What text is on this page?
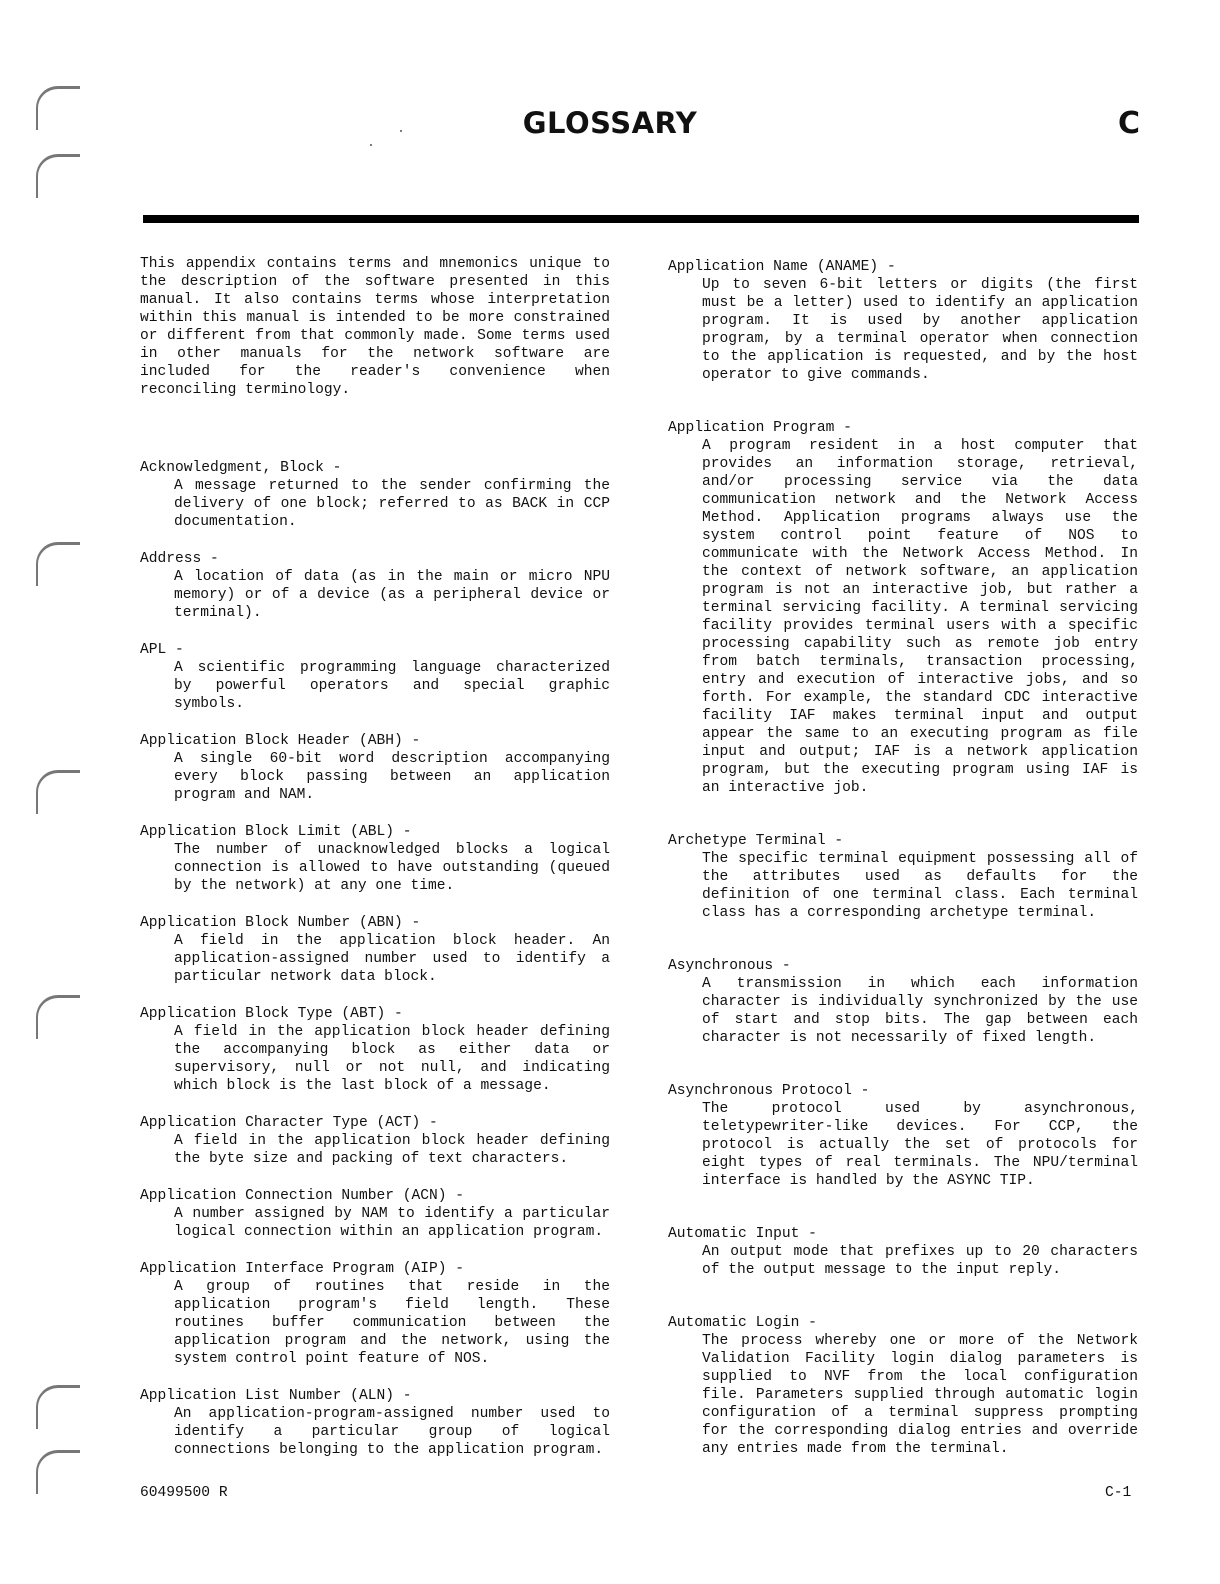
GLOSSARY	C

This appendix contains terms and mnemonics unique to the description of the software presented in this manual. It also contains terms whose interpretation within this manual is intended to be more constrained or different from that commonly made. Some terms used in other manuals for the network software are included for the reader's convenience when reconciling terminology.

Acknowledgment, Block -

A message returned to the sender confirming the delivery of one block; referred to as BACK in CCP documentation.

Address -

A location of data (as in the main or micro NPU memory) or of a device (as a peripheral device or terminal).

APL -

A scientific programming language characterized by powerful operators and special graphic symbols.

Application Block Header (ABH) -

A single 60-bit word description accompanying every block passing between an application program and NAM.

Application Block Limit (ABL) -

The number of unacknowledged blocks a logical connection is allowed to have outstanding (queued by the network) at any one time.

Application Block Number (ABN) -

A field in the application block header. An application-assigned number used to identify a particular network data block.

Application Block Type (ABT) -

A field in the application block header defining the accompanying block as either data or supervisory, null or not null, and indicating which block is the last block of a message.

Application Character Type (ACT) -

A field in the application block header defining the byte size and packing of text characters.

Application Connection Number (ACN) -

A number assigned by NAM to identify a particular logical connection within an application program.

Application Interface Program (AIP) -

A group of routines that reside in the application program's field length. These routines buffer communication between the application program and the network, using the system control point feature of NOS.

Application List Number (ALN) -

An application-program-assigned number used to identify a particular group of logical connections belonging to the application program.

Application Name (ANAME) -

Up to seven 6-bit letters or digits (the first must be a letter) used to identify an application program. It is used by another application program, by a terminal operator when connection to the application is requested, and by the host operator to give commands.

Application Program -

A program resident in a host computer that provides an information storage, retrieval, and/or processing service via the data communication network and the Network Access Method. Application programs always use the system control point feature of NOS to communicate with the Network Access Method. In the context of network software, an application program is not an interactive job, but rather a terminal servicing facility. A terminal servicing facility provides terminal users with a specific processing capability such as remote job entry from batch terminals, transaction processing, entry and execution of interactive jobs, and so forth. For example, the standard CDC interactive facility IAF makes terminal input and output appear the same to an executing program as file input and output; IAF is a network application program, but the executing program using IAF is an interactive job.

Archetype Terminal -

The specific terminal equipment possessing all of the attributes used as defaults for the definition of one terminal class. Each terminal class has a corresponding archetype terminal.

Asynchronous -

A transmission in which each information character is individually synchronized by the use of start and stop bits. The gap between each character is not necessarily of fixed length.

Asynchronous Protocol -

The protocol used by asynchronous, teletypewriter-like devices. For CCP, the protocol is actually the set of protocols for eight types of real terminals. The NPU/terminal interface is handled by the ASYNC TIP.

Automatic Input -

An output mode that prefixes up to 20 characters of the output message to the input reply.

Automatic Login -

The process whereby one or more of the Network Validation Facility login dialog parameters is supplied to NVF from the local configuration file. Parameters supplied through automatic login configuration of a terminal suppress prompting for the corresponding dialog entries and override any entries made from the terminal.

60499500 R	C-1
